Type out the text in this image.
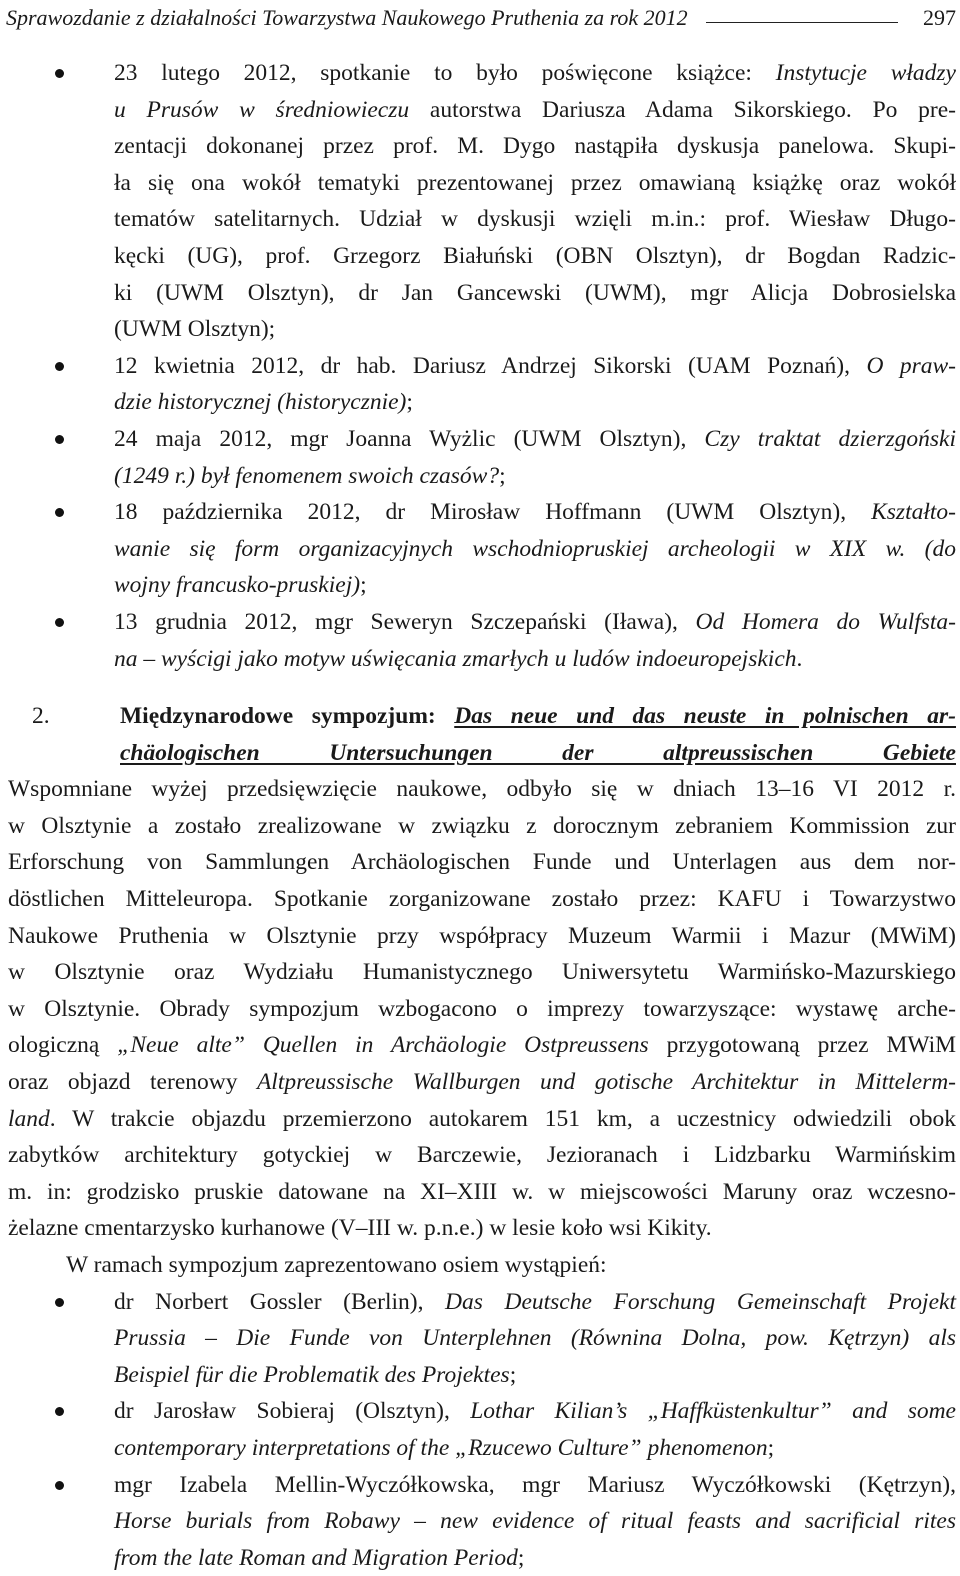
Sprawozdanie z działalności Towarzystwa Naukowego Pruthenia za rok 2012	297
23 lutego 2012, spotkanie to było poświęcone książce: Instytucje władzy
u Prusów w średniowieczu autorstwa Dariusza Adama Sikorskiego. Po pre-
zentacji dokonanej przez prof. M. Dygo nastąpiła dyskusja panelowa. Skupi-
ła się ona wokół tematyki prezentowanej przez omawianą książkę oraz wokół
tematów satelitarnych. Udział w dyskusji wzięli m.in.: prof. Wiesław Długo-
kęcki (UG), prof. Grzegorz Białuński (OBN Olsztyn), dr Bogdan Radzic-
ki (UWM Olsztyn), dr Jan Gancewski (UWM), mgr Alicja Dobrosielska
(UWM Olsztyn);
12 kwietnia 2012, dr hab. Dariusz Andrzej Sikorski (UAM Poznań), O praw-
dzie historycznej (historycznie);
24 maja 2012, mgr Joanna Wyżlic (UWM Olsztyn), Czy traktat dzierzgoński
(1249 r.) był fenomenem swoich czasów?;
18 października 2012, dr Mirosław Hoffmann (UWM Olsztyn), Kształto-
wanie się form organizacyjnych wschodniopruskiej archeologii w XIX w. (do
wojny francusko-pruskiej);
13 grudnia 2012, mgr Seweryn Szczepański (Iława), Od Homera do Wulfsta-
na – wyścigi jako motyw uświęcania zmarłych u ludów indoeuropejskich.
2.	Międzynarodowe sympozjum: Das neue und das neuste in polnischen ar-
chäologischen Untersuchungen der altpreussischen Gebiete
Wspomniane wyżej przedsięwzięcie naukowe, odbyło się w dniach 13–16 VI 2012 r.
w Olsztynie a zostało zrealizowane w związku z dorocznym zebraniem Kommission zur
Erforschung von Sammlungen Archäologischen Funde und Unterlagen aus dem nor-
döstlichen Mitteleuropa. Spotkanie zorganizowane zostało przez: KAFU i Towarzystwo
Naukowe Pruthenia w Olsztynie przy współpracy Muzeum Warmii i Mazur (MWiM)
w Olsztynie oraz Wydziału Humanistycznego Uniwersytetu Warmińsko-Mazurskiego
w Olsztynie. Obrady sympozjum wzbogacono o imprezy towarzyszące: wystawę arche-
ologiczną „Neue alte” Quellen in Archäologie Ostpreussens przygotowaną przez MWiM
oraz objazd terenowy Altpreussische Wallburgen und gotische Architektur in Mittelerm-
land. W trakcie objazdu przemierzono autokarem 151 km, a uczestnicy odwiedzili obok
zabytków architektury gotyckiej w Barczewie, Jezioranach i Lidzbarku Warmińskim
m. in: grodzisko pruskie datowane na XI–XIII w. w miejscowości Maruny oraz wczesno-
żelazne cmentarzysko kurhanowe (V–III w. p.n.e.) w lesie koło wsi Kikity.
W ramach sympozjum zaprezentowano osiem wystąpień:
dr Norbert Gossler (Berlin), Das Deutsche Forschung Gemeinschaft Projekt
Prussia – Die Funde von Unterplehnen (Równina Dolna, pow. Kętrzyn) als
Beispiel für die Problematik des Projektes;
dr Jarosław Sobieraj (Olsztyn), Lothar Kilian’s „Haffküstenkultur” and some
contemporary interpretations of the „Rzucewo Culture” phenomenon;
mgr Izabela Mellin-Wyczółkowska, mgr Mariusz Wyczółkowski (Kętrzyn),
Horse burials from Robawy – new evidence of ritual feasts and sacrificial rites
from the late Roman and Migration Period;
